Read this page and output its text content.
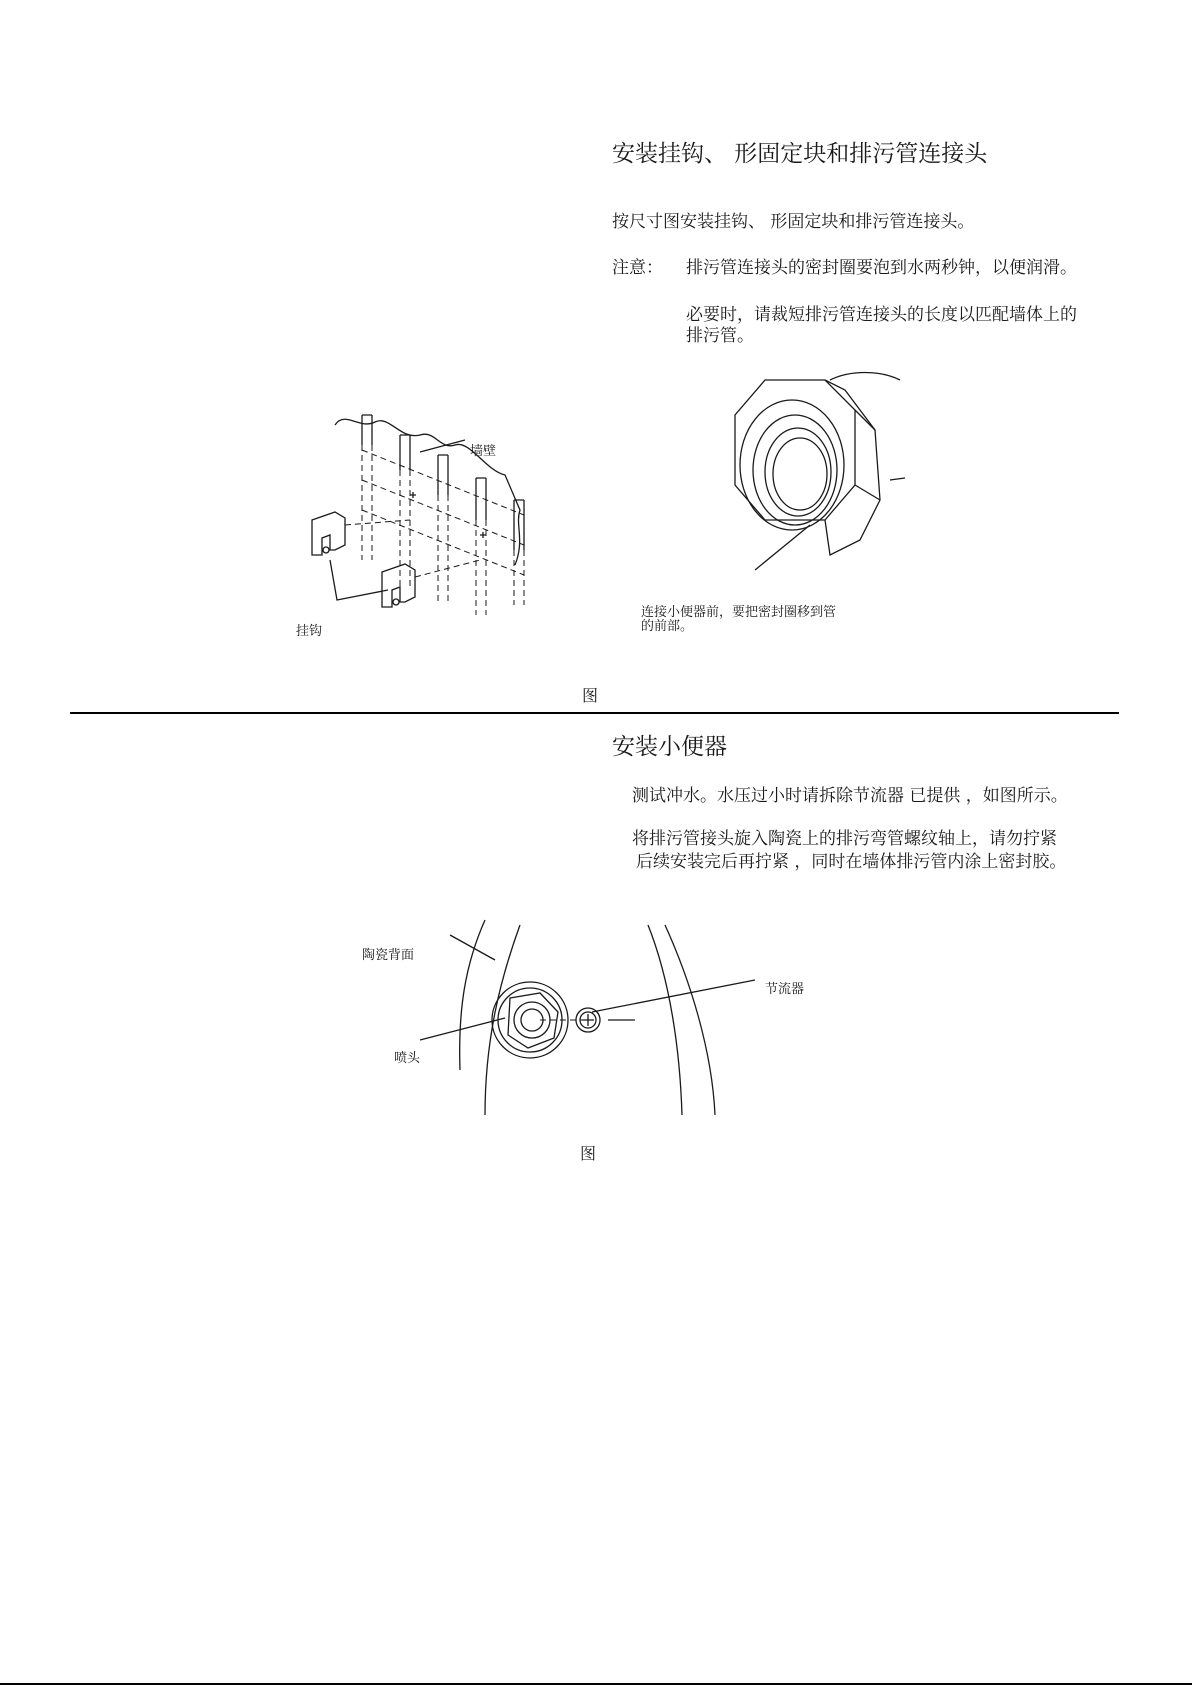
安装挂钩、 形固定块和排污管连接头
按尺寸图安装挂钩、 形固定块和排污管连接头。
注意： 排污管连接头的密封圈要泡到水两秒钟，以便润滑。
必要时，请裁短排污管连接头的长度以匹配墙体上的
排污管。
墙壁
挂钩
连接小便器前，要把密封圈移到管
的前部。
图
安装小便器
测试冲水。水压过小时请拆除节流器 已提供 ，如图所示。
将排污管接头旋入陶瓷上的排污弯管螺纹轴上，请勿拧紧
后续安装完后再拧紧 ，同时在墙体排污管内涂上密封胶。
陶瓷背面
节流器
喷头
图
